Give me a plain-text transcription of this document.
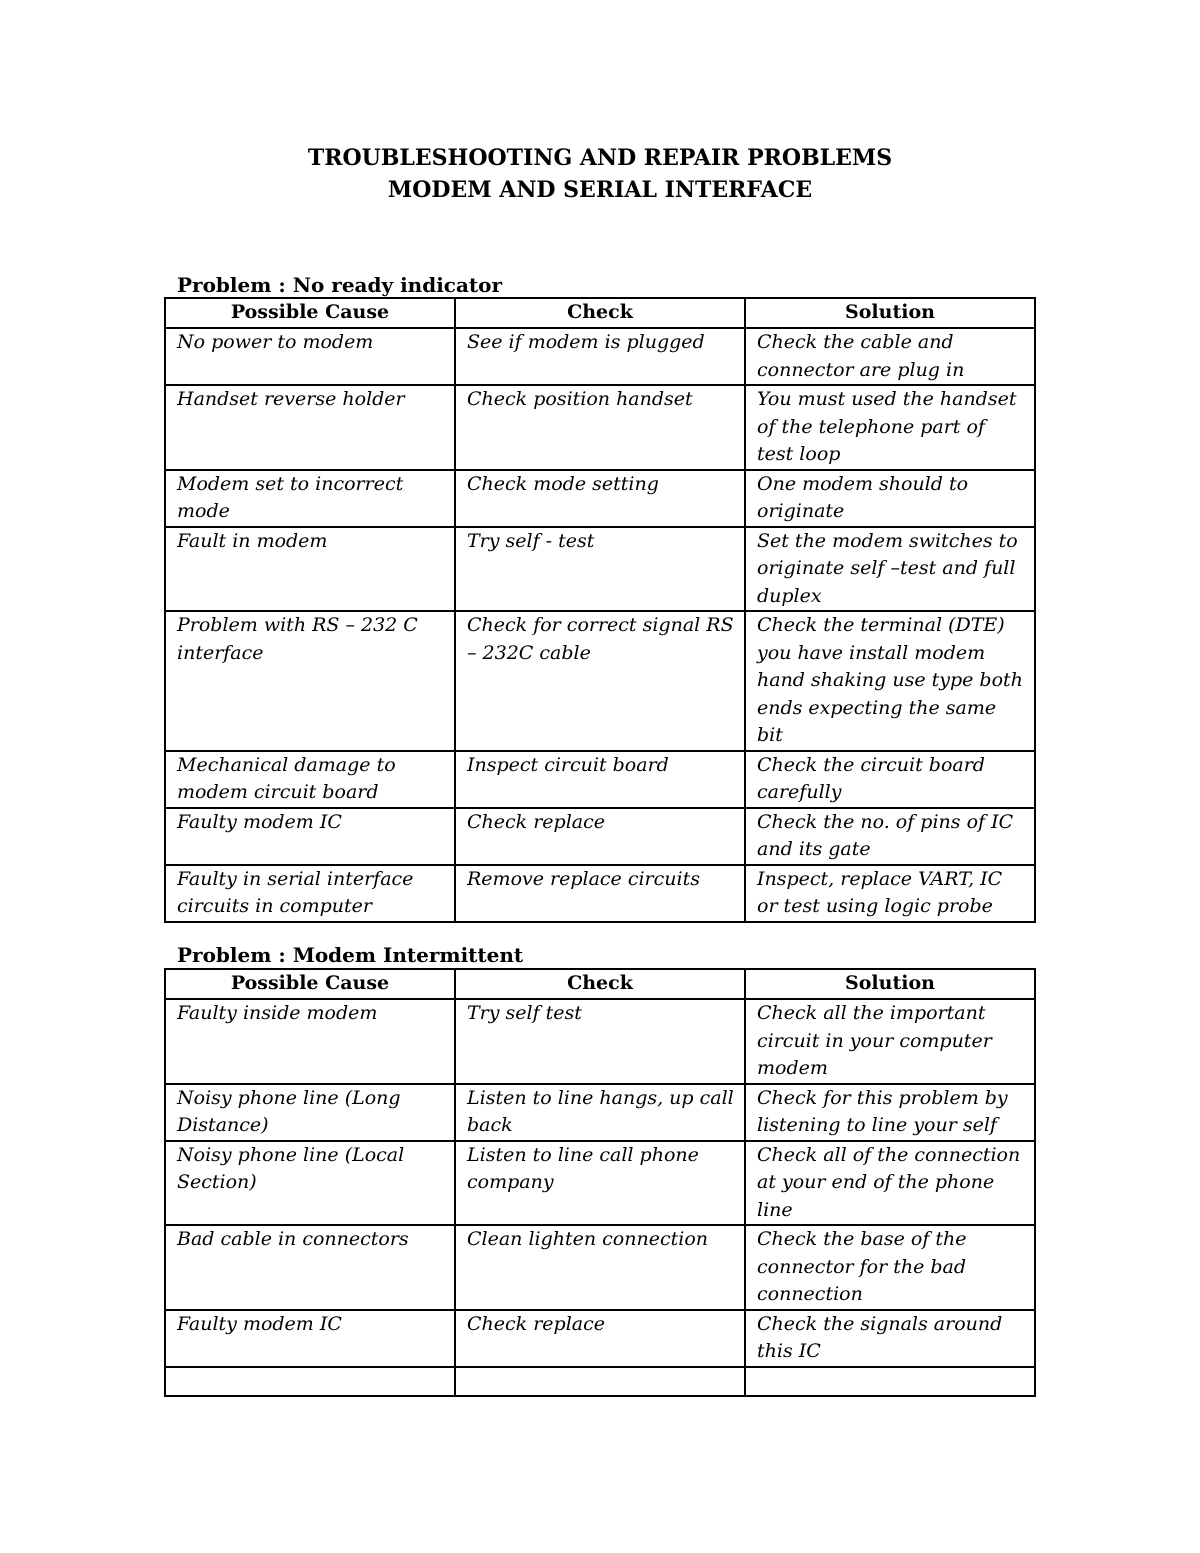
TROUBLESHOOTING AND REPAIR PROBLEMS
MODEM AND SERIAL INTERFACE
Problem : No ready indicator
Possible Cause	Check	Solution
No power to modem	See if modem is plugged	Check the cable and connector are plug in
Handset reverse holder	Check position handset	You must used the handset of the telephone part of test loop
Modem set to incorrect mode	Check mode setting	One modem should to originate
Fault in modem	Try self - test	Set the modem switches to originate self –test and full duplex
Problem with RS – 232 C interface	Check for correct signal RS – 232C cable	Check the terminal (DTE) you have install modem hand shaking use type both ends expecting the same bit
Mechanical damage to modem circuit board	Inspect circuit board	Check the circuit board carefully
Faulty modem IC	Check replace	Check the no. of pins of IC and its gate
Faulty in serial interface circuits in computer	Remove replace circuits	Inspect, replace VART, IC or test using logic probe
Problem : Modem Intermittent
Possible Cause	Check	Solution
Faulty inside modem	Try self test	Check all the important circuit in your computer modem
Noisy phone line (Long Distance)	Listen to line hangs, up call back	Check for this problem by listening to line your self
Noisy phone line (Local Section)	Listen to line call phone company	Check all of the connection at your end of the phone line
Bad cable in connectors	Clean lighten connection	Check the base of the connector for the bad connection
Faulty modem IC	Check replace	Check the signals around this IC
